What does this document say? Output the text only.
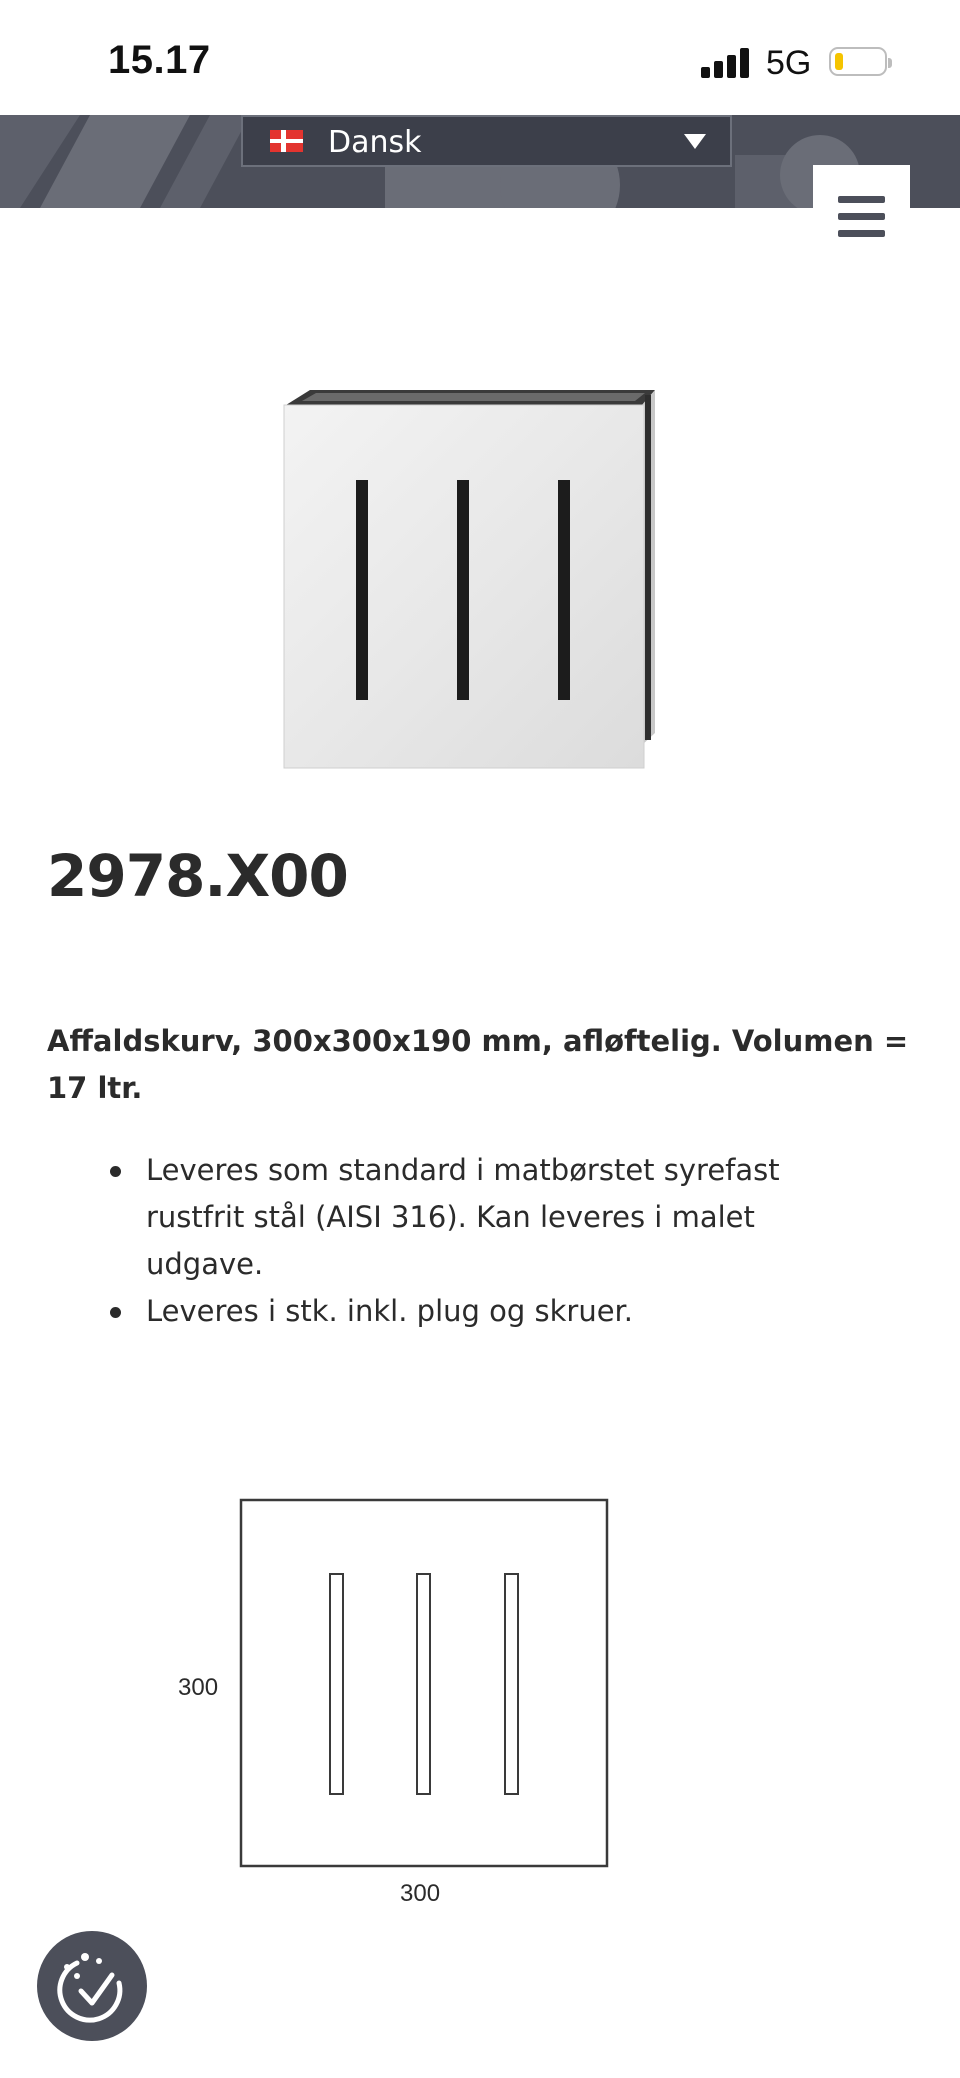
15.17	5G
Dansk
2978.X00

Affaldskurv, 300x300x190 mm, afløftelig. Volumen = 17 ltr.

Leveres som standard i matbørstet syrefast rustfrit stål (AISI 316). Kan leveres i malet udgave.
Leveres i stk. inkl. plug og skruer.
300
300
